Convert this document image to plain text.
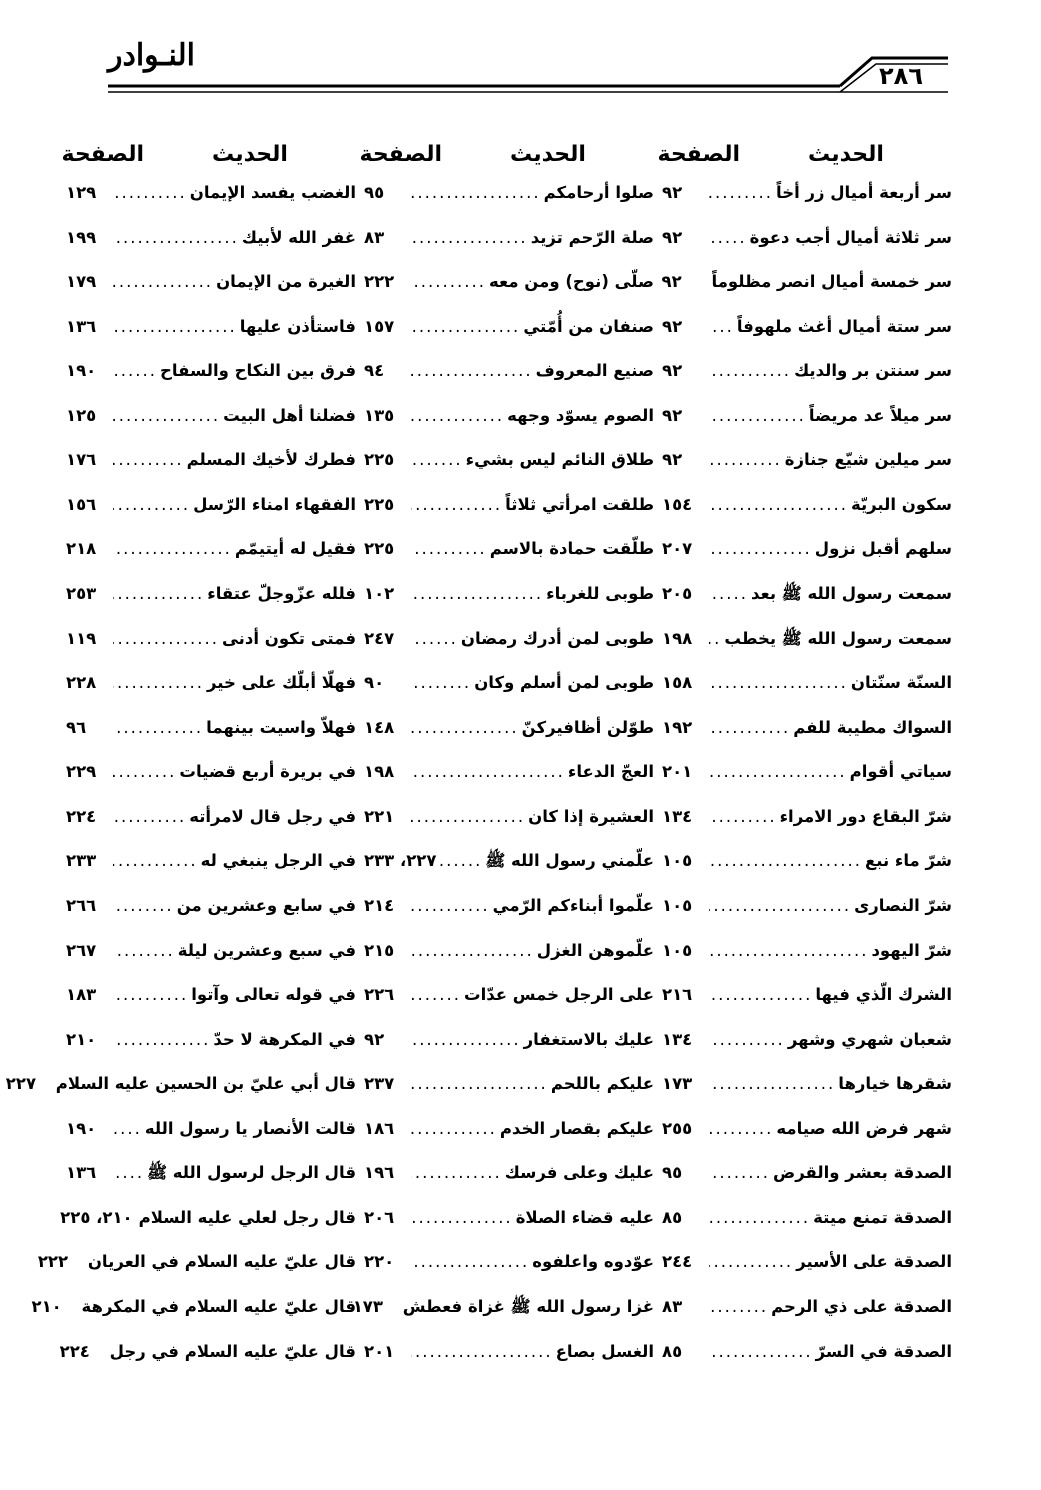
النـوادر
٢٨٦
الحديث
الصفحة
سر أربعة أميال زر أخاً
.....
٩٢
سر ثلاثة أميال أجب دعوة
.....
٩٢
سر خمسة أميال انصر مظلوماً
٩٢
سر ستة أميال أغث ملهوفاً
.....
٩٢
سر سنتن بر والديك
.....
٩٢
سر ميلاً عد مريضاً
.....
٩٢
سر ميلين شيّع جنازة
.....
٩٢
سكون البريّة
.....
١٥٤
سلهم أقبل نزول
.....
٢٠٧
سمعت رسول الله ﷺ بعد
.....
٢٠٥
سمعت رسول الله ﷺ يخطب
.....
١٩٨
السنّة سنّتان
.....
١٥٨
السواك مطيبة للفم
.....
١٩٢
سياتي أقوام
.....
٢٠١
شرّ البقاع دور الامراء
.....
١٣٤
شرّ ماء نبع
.....
١٠٥
شرّ النصارى
.....
١٠٥
شرّ اليهود
.....
١٠٥
الشرك الّذي فيها
.....
٢١٦
شعبان شهري وشهر
.....
١٣٤
شقرها خيارها
.....
١٧٣
شهر فرض الله صيامه
.....
٢٥٥
الصدقة بعشر والقرض
.....
٩٥
الصدقة تمنع ميتة
.....
٨٥
الصدقة على الأسير
.....
٢٤٤
الصدقة على ذي الرحم
.....
٨٣
الصدقة في السرّ
.....
٨٥
الحديث
الصفحة
صلوا أرحامكم
.....
٩٥
صلة الرّحم تزيد
.....
٨٣
صلّى (نوح) ومن معه
.....
٢٢٢
صنفان من أُمّتي
.....
١٥٧
صنيع المعروف
.....
٩٤
الصوم يسوّد وجهه
.....
١٣٥
طلاق النائم ليس بشيء
.....
٢٢٥
طلقت امرأتي ثلاثاً
.....
٢٢٥
طلّقت حمادة بالاسم
.....
٢٢٥
طوبى للغرباء
.....
١٠٢
طوبى لمن أدرك رمضان
.....
٢٤٧
طوبى لمن أسلم وكان
.....
٩٠
طوّلن أظافيركنّ
.....
١٤٨
العجّ الدعاء
.....
١٩٨
العشيرة إذا كان
.....
٢٢١
علّمني رسول الله ﷺ
.....
٢٢٧، ٢٣٣
علّموا أبناءكم الرّمي
.....
٢١٤
علّموهن الغزل
.....
٢١٥
على الرجل خمس عدّات
.....
٢٢٦
عليك بالاستغفار
.....
٩٢
عليكم باللحم
.....
٢٣٧
عليكم بقصار الخدم
.....
١٨٦
عليك وعلى فرسك
.....
١٩٦
عليه قضاء الصلاة
.....
٢٠٦
عوّدوه واعلفوه
.....
٢٢٠
غزا رسول الله ﷺ غزاة فعطش
١٧٣
الغسل بصاع
.....
٢٠١
الحديث
الصفحة
الغضب يفسد الإيمان
.....
١٢٩
غفر الله لأبيك
.....
١٩٩
الغيرة من الإيمان
.....
١٧٩
فاستأذن عليها
.....
١٣٦
فرق بين النكاح والسفاح
.....
١٩٠
فضلنا أهل البيت
.....
١٢٥
فطرك لأخيك المسلم
.....
١٧٦
الفقهاء امناء الرّسل
.....
١٥٦
فقيل له أيتيمّم
.....
٢١٨
فلله عزّوجلّ عتقاء
.....
٢٥٣
فمتى تكون أدنى
.....
١١٩
فهلّا أبلّك على خير
.....
٢٢٨
فهلاّ واسيت بينهما
.....
٩٦
في بريرة أربع قضيات
.....
٢٢٩
في رجل قال لامرأته
.....
٢٢٤
في الرجل ينبغي له
.....
٢٣٣
في سابع وعشرين من
.....
٢٦٦
في سبع وعشرين ليلة
.....
٢٦٧
في قوله تعالى وآتوا
.....
١٨٣
في المكرهة لا حدّ
.....
٢١٠
قال أبي عليّ بن الحسين عليه السلام
٢٢٧
قالت الأنصار يا رسول الله
.....
١٩٠
قال الرجل لرسول الله ﷺ
.....
١٣٦
قال رجل لعلي عليه السلام
٢١٠، ٢٢٥
قال عليّ عليه السلام في العريان
٢٢٢
قال عليّ عليه السلام في المكرهة
٢١٠
قال عليّ عليه السلام في رجل
٢٢٤
